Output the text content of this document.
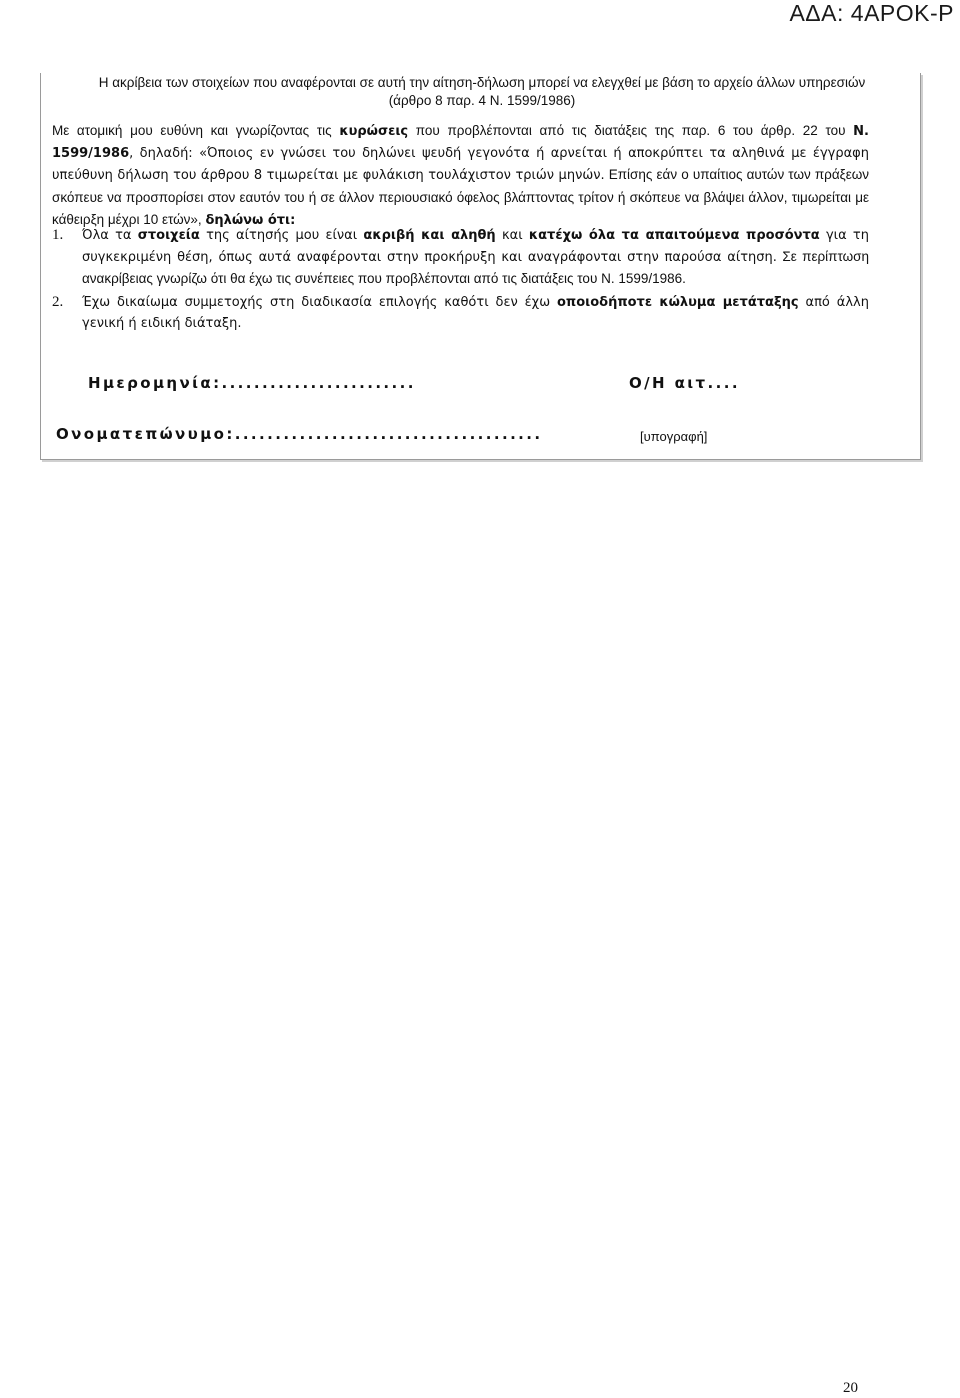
ΑΔΑ: 4ΑΡΟΚ-Ρ
Η ακρίβεια των στοιχείων που αναφέρονται σε αυτή την αίτηση-δήλωση μπορεί να ελεγχθεί με βάση το αρχείο άλλων υπηρεσιών
(άρθρο 8 παρ. 4 Ν. 1599/1986)
Με ατομική μου ευθύνη και γνωρίζοντας τις κυρώσεις που προβλέπονται από τις διατάξεις της παρ. 6 του άρθρ. 22 του Ν. 1599/1986, δηλαδή: «Όποιος εν γνώσει του δηλώνει ψευδή γεγονότα ή αρνείται ή αποκρύπτει τα αληθινά με έγγραφη υπεύθυνη δήλωση του άρθρου 8 τιμωρείται με φυλάκιση τουλάχιστον τριών μηνών. Επίσης εάν ο υπαίτιος αυτών των πράξεων σκόπευε να προσπορίσει στον εαυτόν του ή σε άλλον περιουσιακό όφελος βλάπτοντας τρίτον ή σκόπευε να βλάψει άλλον, τιμωρείται με κάθειρξη μέχρι 10 ετών», δηλώνω ότι:
1. Όλα τα στοιχεία της αίτησής μου είναι ακριβή και αληθή και κατέχω όλα τα απαιτούμενα προσόντα για τη συγκεκριμένη θέση, όπως αυτά αναφέρονται στην προκήρυξη και αναγράφονται στην παρούσα αίτηση. Σε περίπτωση ανακρίβειας γνωρίζω ότι θα έχω τις συνέπειες που προβλέπονται από τις διατάξεις του Ν. 1599/1986.
2. Έχω δικαίωμα συμμετοχής στη διαδικασία επιλογής καθότι δεν έχω οποιοδήποτε κώλυμα μετάταξης από άλλη γενική ή ειδική διάταξη.
Ημερομηνία:........................	Ο/Η αιτ....
Ονοματεπώνυμο:......................................	[υπογραφή]
20
